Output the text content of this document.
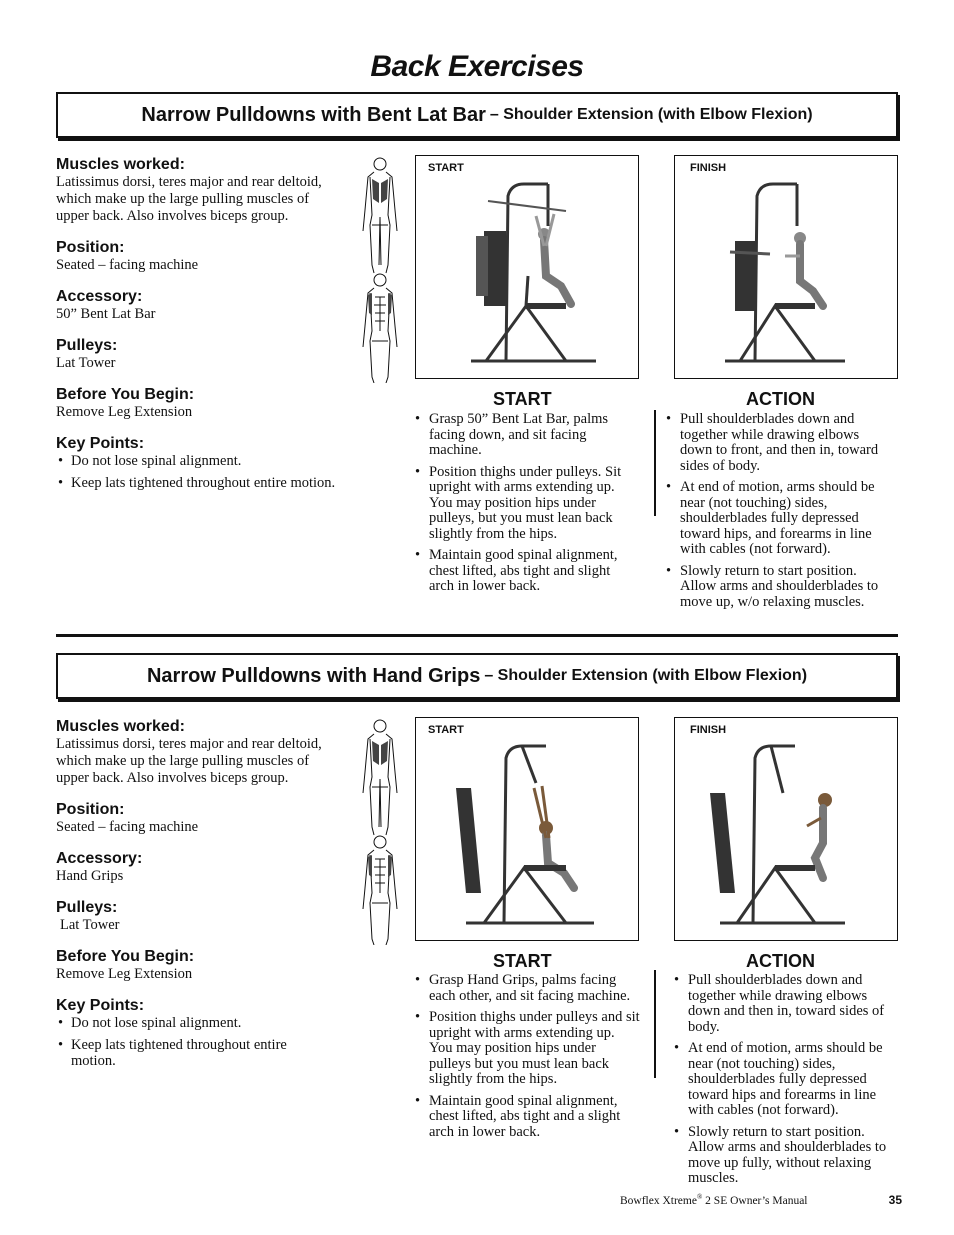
Back Exercises
Narrow Pulldowns with Bent Lat Bar – Shoulder Extension (with Elbow Flexion)

Muscles worked:

Latissimus dorsi, teres major and rear deltoid, which make up the large pulling muscles of upper back. Also involves biceps group.

Position:

Seated – facing machine

Accessory:

50” Bent Lat Bar

Pulleys:

Lat Tower

Before You Begin:

Remove Leg Extension

Key Points:

• Do not lose spinal alignment.
• Keep lats tightened throughout entire motion.
START	FINISH
START
• Grasp 50” Bent Lat Bar, palms facing down, and sit facing machine.
• Position thighs under pulleys. Sit upright with arms extending up. You may position hips under pulleys, but you must lean back slightly from the hips.
• Maintain good spinal alignment, chest lifted, abs tight and slight arch in lower back.
ACTION
• Pull shoulderblades down and together while drawing elbows down to front, and then in, toward sides of body.
• At end of motion, arms should be near (not touching) sides, shoulderblades fully depressed toward hips, and forearms in line with cables (not forward).
• Slowly return to start position. Allow arms and shoulderblades to move up, w/o relaxing muscles.
Narrow Pulldowns with Hand Grips – Shoulder Extension (with Elbow Flexion)

Muscles worked:

Latissimus dorsi, teres major and rear deltoid, which make up the large pulling muscles of upper back. Also involves biceps group.

Position:

Seated – facing machine

Accessory:

Hand Grips

Pulleys:

Lat Tower

Before You Begin:

Remove Leg Extension

Key Points:

• Do not lose spinal alignment.
• Keep lats tightened throughout entire motion.
START	FINISH
START
• Grasp Hand Grips, palms facing each other, and sit facing machine.
• Position thighs under pulleys and sit upright with arms extending up. You may position hips under pulleys but you must lean back slightly from the hips.
• Maintain good spinal alignment, chest lifted, abs tight and a slight arch in lower back.
ACTION
• Pull shoulderblades down and together while drawing elbows down and then in, toward sides of body.
• At end of motion, arms should be near (not touching) sides, shoulderblades fully depressed toward hips and forearms in line with cables (not forward).
• Slowly return to start position. Allow arms and shoulderblades to move up fully, without relaxing muscles.
Bowflex Xtreme® 2 SE Owner’s Manual	35
